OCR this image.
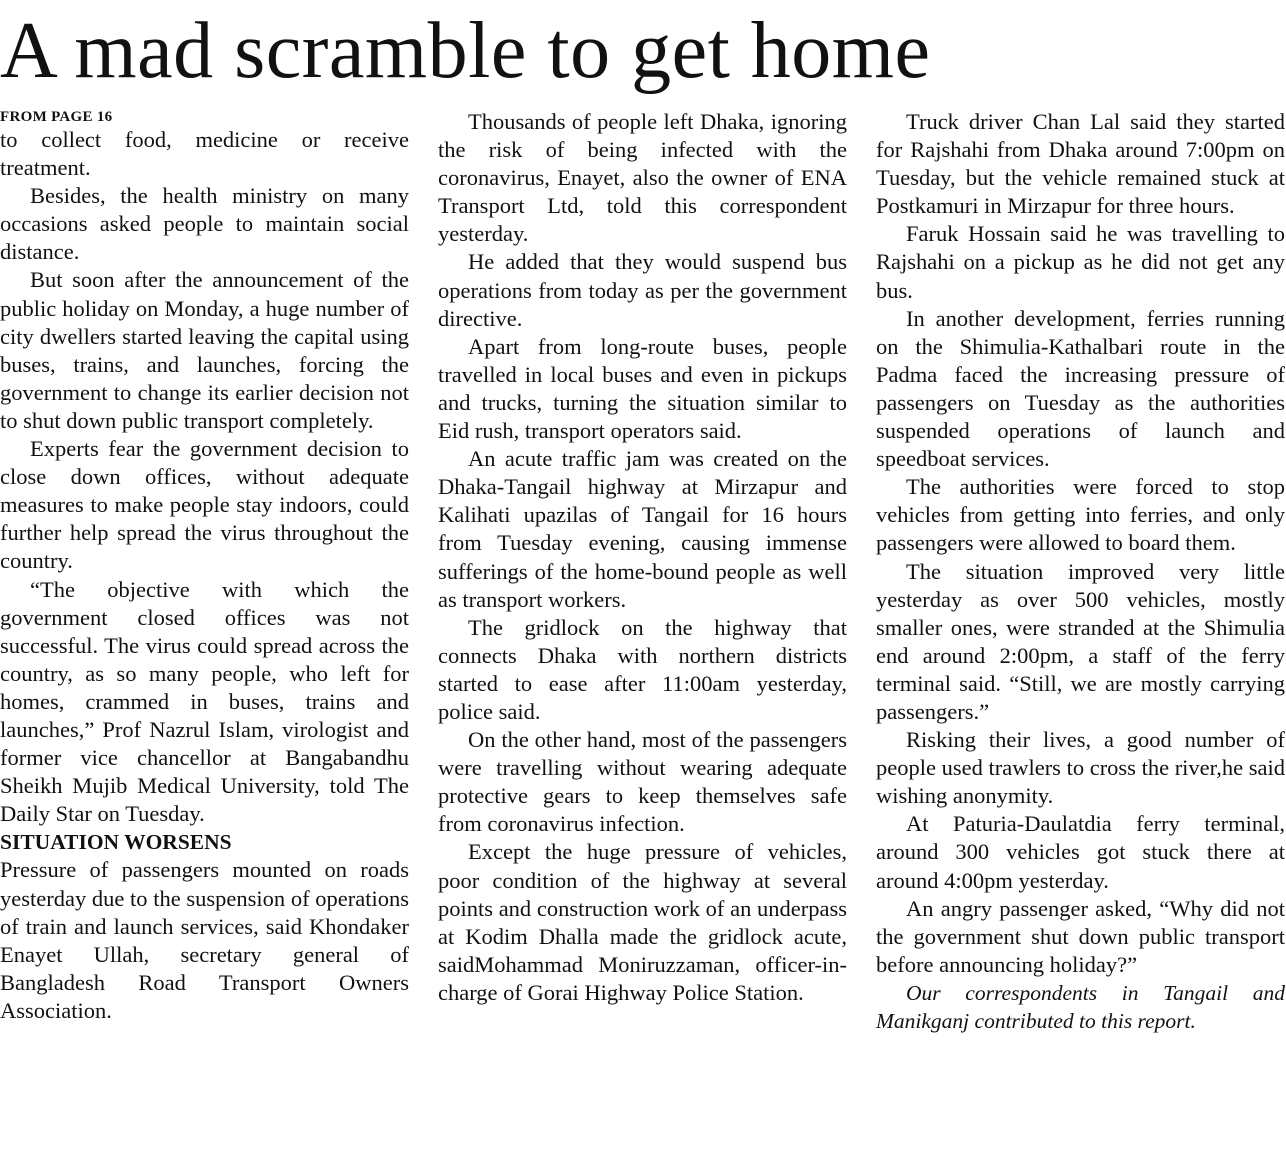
A mad scramble to get home
FROM PAGE 16

to collect food, medicine or receive treatment.

Besides, the health ministry on many occasions asked people to maintain social distance.

But soon after the announcement of the public holiday on Monday, a huge number of city dwellers started leaving the capital using buses, trains, and launches, forcing the government to change its earlier decision not to shut down public transport completely.

Experts fear the government decision to close down offices, without adequate measures to make people stay indoors, could further help spread the virus throughout the country.

“The objective with which the government closed offices was not successful. The virus could spread across the country, as so many people, who left for homes, crammed in buses, trains and launches,” Prof Nazrul Islam, virologist and former vice chancellor at Bangabandhu Sheikh Mujib Medical University, told The Daily Star on Tuesday.

SITUATION WORSENS

Pressure of passengers mounted on roads yesterday due to the suspension of operations of train and launch services, said Khondaker Enayet Ullah, secretary general of Bangladesh Road Transport Owners Association.

Thousands of people left Dhaka, ignoring the risk of being infected with the coronavirus, Enayet, also the owner of ENA Transport Ltd, told this correspondent yesterday.

He added that they would suspend bus operations from today as per the government directive.

Apart from long-route buses, people travelled in local buses and even in pickups and trucks, turning the situation similar to Eid rush, transport operators said.

An acute traffic jam was created on the Dhaka-Tangail highway at Mirzapur and Kalihati upazilas of Tangail for 16 hours from Tuesday evening, causing immense sufferings of the home-bound people as well as transport workers.

The gridlock on the highway that connects Dhaka with northern districts started to ease after 11:00am yesterday, police said.

On the other hand, most of the passengers were travelling without wearing adequate protective gears to keep themselves safe from coronavirus infection.

Except the huge pressure of vehicles, poor condition of the highway at several points and construction work of an underpass at Kodim Dhalla made the gridlock acute, saidMohammad Moniruzzaman, officer-in-charge of Gorai Highway Police Station.

Truck driver Chan Lal said they started for Rajshahi from Dhaka around 7:00pm on Tuesday, but the vehicle remained stuck at Postkamuri in Mirzapur for three hours.

Faruk Hossain said he was travelling to Rajshahi on a pickup as he did not get any bus.

In another development, ferries running on the Shimulia-Kathalbari route in the Padma faced the increasing pressure of passengers on Tuesday as the authorities suspended operations of launch and speedboat services.

The authorities were forced to stop vehicles from getting into ferries, and only passengers were allowed to board them.

The situation improved very little yesterday as over 500 vehicles, mostly smaller ones, were stranded at the Shimulia end around 2:00pm, a staff of the ferry terminal said. “Still, we are mostly carrying passengers.”

Risking their lives, a good number of people used trawlers to cross the river,he said wishing anonymity.

At Paturia-Daulatdia ferry terminal, around 300 vehicles got stuck there at around 4:00pm yesterday.

An angry passenger asked, “Why did not the government shut down public transport before announcing holiday?”

Our correspondents in Tangail and Manikganj contributed to this report.
